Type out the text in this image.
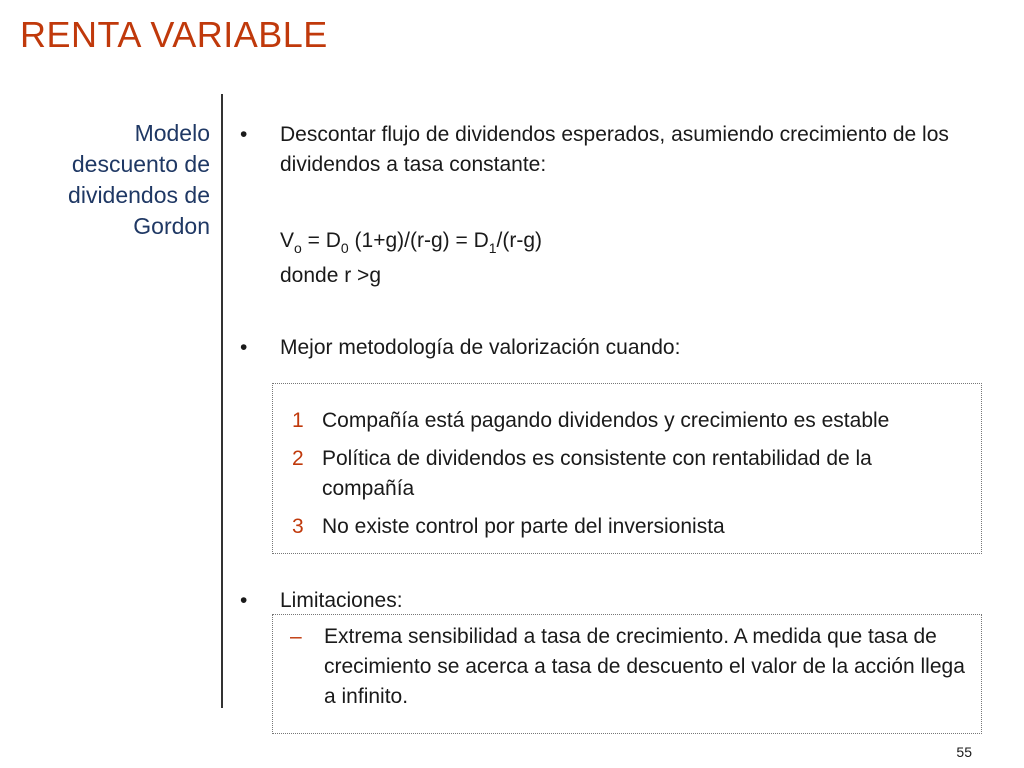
RENTA VARIABLE
Modelo
descuento de
dividendos de
Gordon
•	Descontar flujo de dividendos esperados, asumiendo crecimiento de los dividendos a tasa constante:
$V_o = D_0$ $(1+g)/(r-g) = D_1/(r-g)$
donde r >g
•	Mejor metodología de valorización cuando:
1 Compañía está pagando dividendos y crecimiento es estable
2 Política de dividendos es consistente con rentabilidad de la compañía
3 No existe control por parte del inversionista
•	Limitaciones:
– Extrema sensibilidad a tasa de crecimiento. A medida que tasa de crecimiento se acerca a tasa de descuento el valor de la acción llega a infinito.
55
